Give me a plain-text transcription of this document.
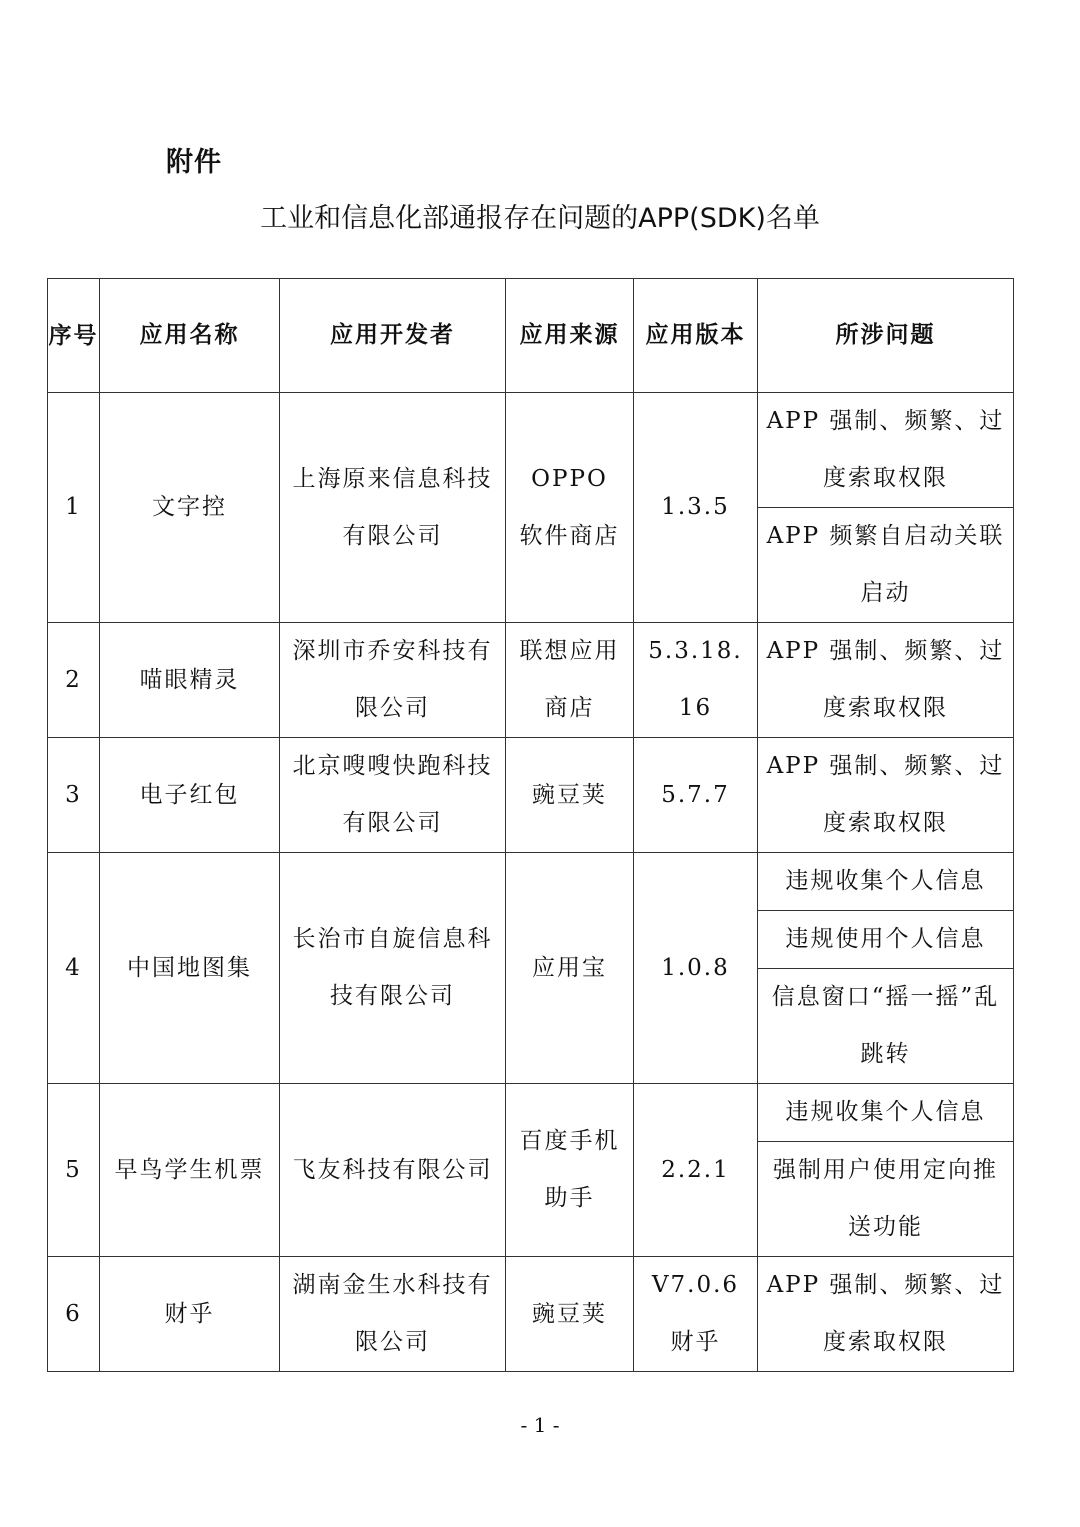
附件
工业和信息化部通报存在问题的APP(SDK)名单
序号	应用名称	应用开发者	应用来源	应用版本	所涉问题
1	文字控	上海原来信息科技有限公司	OPPO 软件商店	1.3.5	APP 强制、频繁、过度索取权限
					APP 频繁自启动关联启动
2	喵眼精灵	深圳市乔安科技有限公司	联想应用商店	5.3.18.16	APP 强制、频繁、过度索取权限
3	电子红包	北京嗖嗖快跑科技有限公司	豌豆荚	5.7.7	APP 强制、频繁、过度索取权限
4	中国地图集	长治市自旋信息科技有限公司	应用宝	1.0.8	违规收集个人信息
					违规使用个人信息
					信息窗口“摇一摇”乱跳转
5	早鸟学生机票	飞友科技有限公司	百度手机助手	2.2.1	违规收集个人信息
					强制用户使用定向推送功能
6	财乎	湖南金生水科技有限公司	豌豆荚	V7.0.6 财乎	APP 强制、频繁、过度索取权限
- 1 -
